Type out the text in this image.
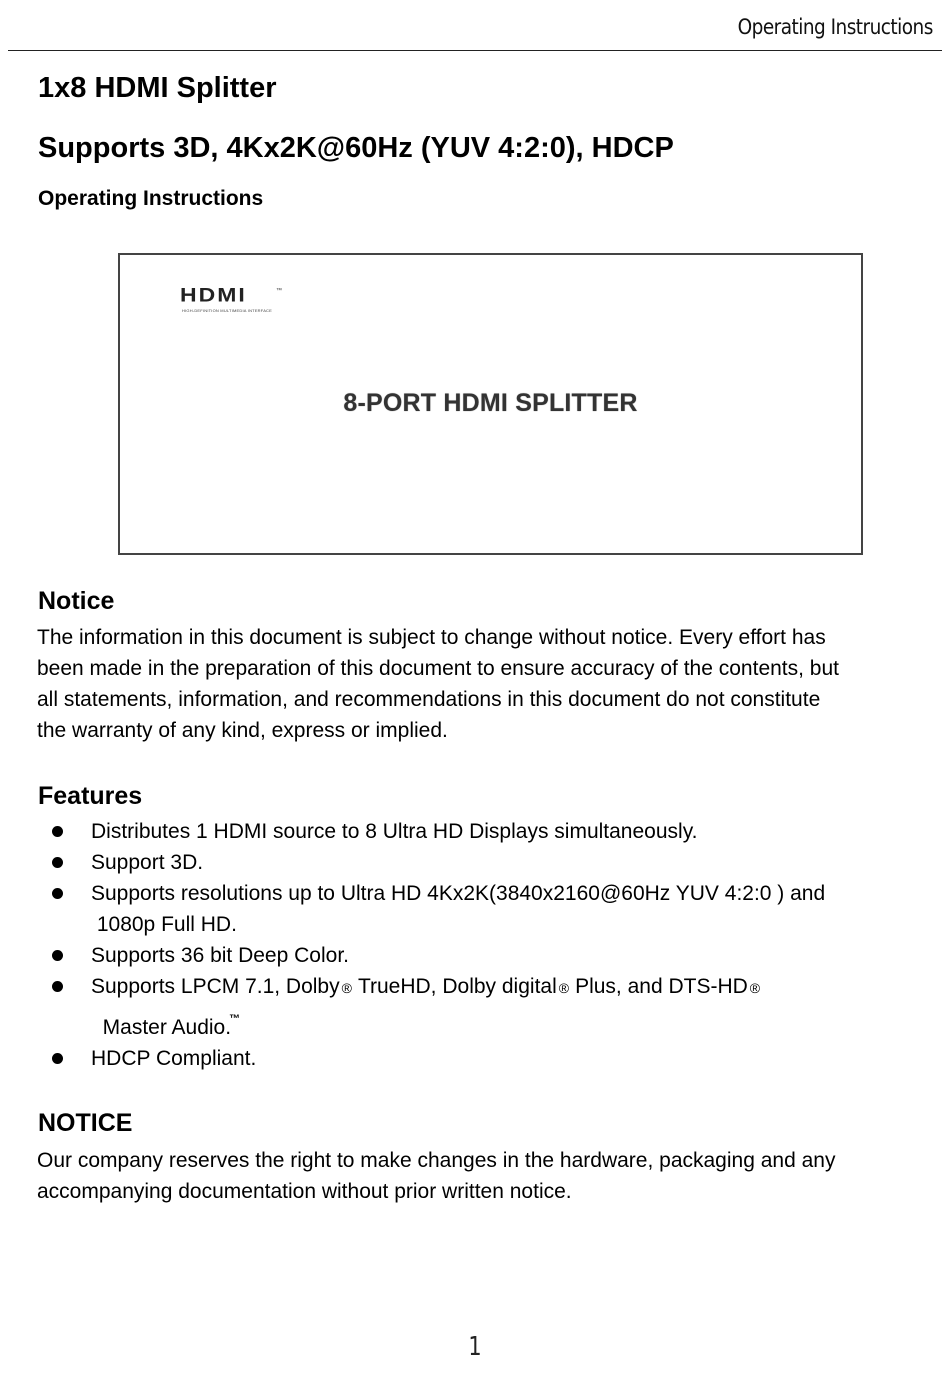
Operating Instructions
1x8 HDMI Splitter
Supports 3D, 4Kx2K@60Hz (YUV 4:2:0), HDCP
Operating Instructions
HDMI	™
HIGH-DEFINITION MULTIMEDIA INTERFACE
8-PORT HDMI SPLITTER
Notice
The information in this document is subject to change without notice. Every effort has
been made in the preparation of this document to ensure accuracy of the contents, but
all statements, information, and recommendations in this document do not constitute
the warranty of any kind, express or implied.
Features
Distributes 1 HDMI source to 8 Ultra HD Displays simultaneously.
Support 3D.
Supports resolutions up to Ultra HD 4Kx2K(3840x2160@60Hz YUV 4:2:0 ) and
1080p Full HD.
Supports 36 bit Deep Color.
Supports LPCM 7.1, Dolby ® TrueHD, Dolby digital ® Plus, and DTS-HD ®
Master Audio.™
HDCP Compliant.
NOTICE
Our company reserves the right to make changes in the hardware, packaging and any
accompanying documentation without prior written notice.
1
